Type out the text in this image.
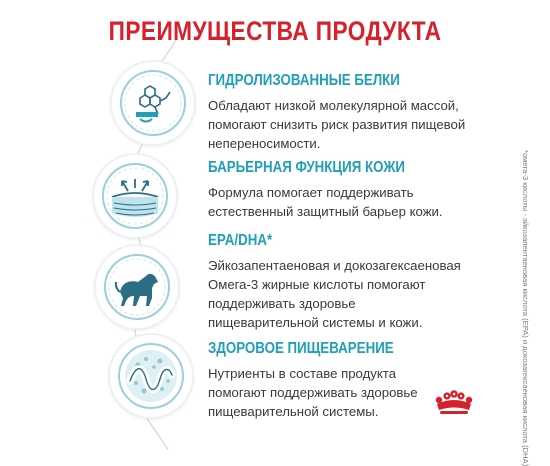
ПРЕИМУЩЕСТВА ПРОДУКТА
ГИДРОЛИЗОВАННЫЕ БЕЛКИ
Обладают низкой молекулярной массой,
помогают снизить риск развития пищевой
непереносимости.
БАРЬЕРНАЯ ФУНКЦИЯ КОЖИ
Формула помогает поддерживать
естественный защитный барьер кожи.
EPA/DHA*
Эйкозапентаеновая и докозагексаеновая
Омега-3 жирные кислоты помогают
поддерживать здоровье
пищеварительной системы и кожи.
ЗДОРОВОЕ ПИЩЕВАРЕНИЕ
Нутриенты в составе продукта
помогают поддерживать здоровье
пищеварительной системы.	*омега-3 кислоты - эйкозапентаеновая кислота (EPA) и докозагексаеновая кислота (DHA)
